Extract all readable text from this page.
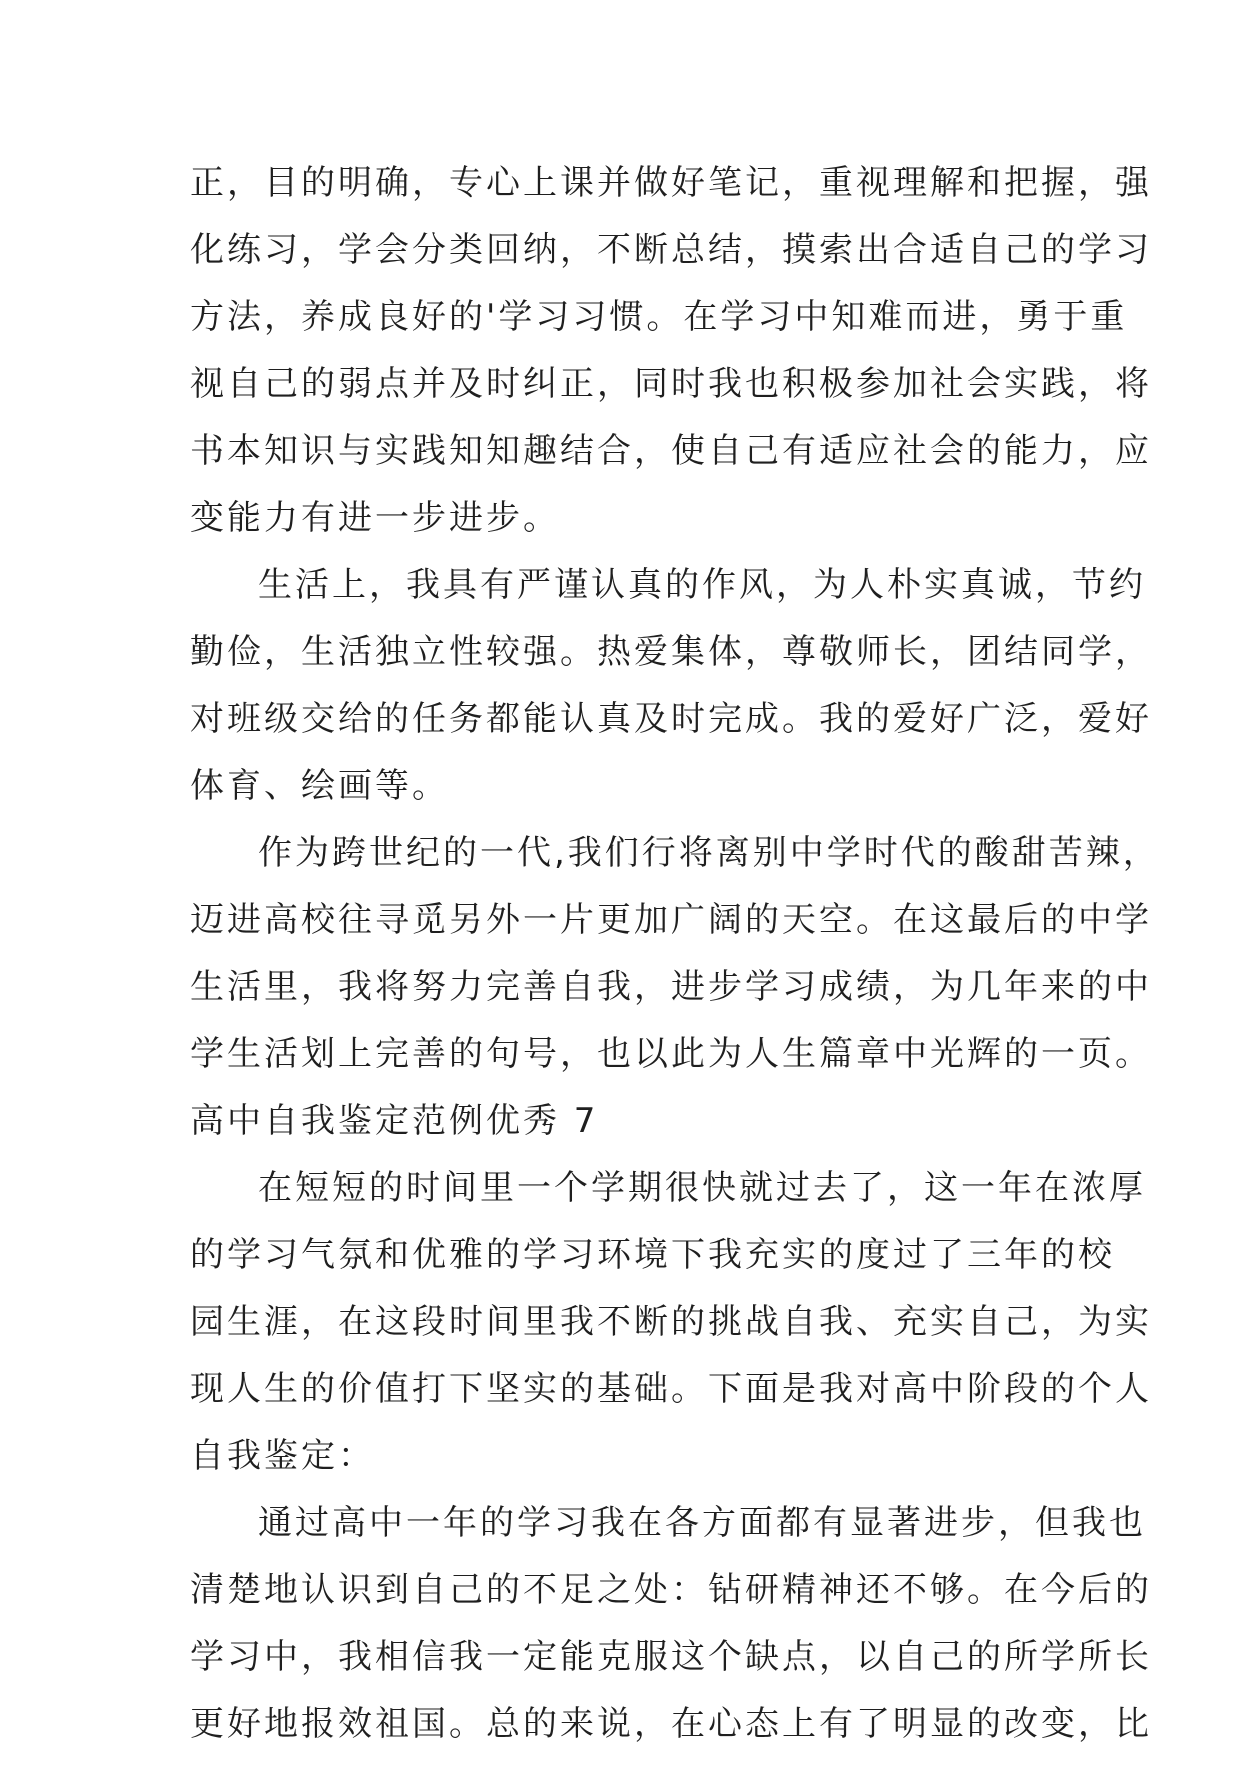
正，目的明确，专心上课并做好笔记，重视理解和把握，强
化练习，学会分类回纳，不断总结，摸索出合适自己的学习
方法，养成良好的'学习习惯。在学习中知难而进，勇于重
视自己的弱点并及时纠正，同时我也积极参加社会实践，将
书本知识与实践知知趣结合，使自己有适应社会的能力，应
变能力有进一步进步。
生活上，我具有严谨认真的作风，为人朴实真诚，节约
勤俭，生活独立性较强。热爱集体，尊敬师长，团结同学，
对班级交给的任务都能认真及时完成。我的爱好广泛，爱好
体育、绘画等。
作为跨世纪的一代,我们行将离别中学时代的酸甜苦辣，
迈进高校往寻觅另外一片更加广阔的天空。在这最后的中学
生活里，我将努力完善自我，进步学习成绩，为几年来的中
学生活划上完善的句号，也以此为人生篇章中光辉的一页。
高中自我鉴定范例优秀 7
在短短的时间里一个学期很快就过去了，这一年在浓厚
的学习气氛和优雅的学习环境下我充实的度过了三年的校
园生涯，在这段时间里我不断的挑战自我、充实自己，为实
现人生的价值打下坚实的基础。下面是我对高中阶段的个人
自我鉴定：
通过高中一年的学习我在各方面都有显著进步，但我也
清楚地认识到自己的不足之处：钻研精神还不够。在今后的
学习中，我相信我一定能克服这个缺点，以自己的所学所长
更好地报效祖国。总的来说，在心态上有了明显的改变，比
